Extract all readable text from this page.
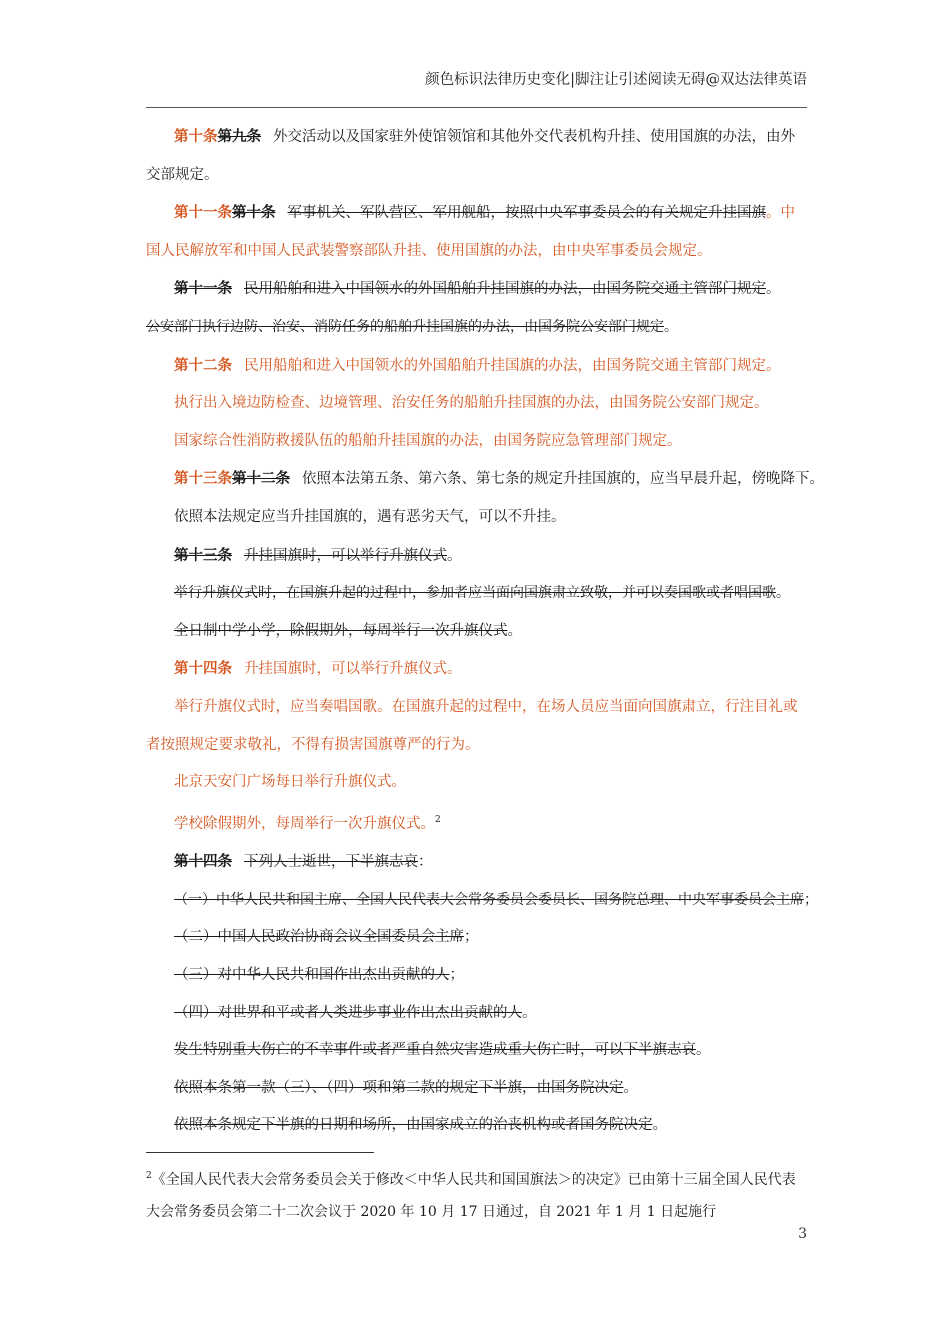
颜色标识法律历史变化|脚注让引述阅读无碍@双达法律英语

第十条第九条 外交活动以及国家驻外使馆领馆和其他外交代表机构升挂、使用国旗的办法，由外交部规定。

第十一条第十条 军事机关、军队营区、军用舰船，按照中央军事委员会的有关规定升挂国旗。中国人民解放军和中国人民武装警察部队升挂、使用国旗的办法，由中央军事委员会规定。

第十一条 民用船舶和进入中国领水的外国船舶升挂国旗的办法，由国务院交通主管部门规定。

公安部门执行边防、治安、消防任务的船舶升挂国旗的办法，由国务院公安部门规定。

第十二条 民用船舶和进入中国领水的外国船舶升挂国旗的办法，由国务院交通主管部门规定。

执行出入境边防检查、边境管理、治安任务的船舶升挂国旗的办法，由国务院公安部门规定。

国家综合性消防救援队伍的船舶升挂国旗的办法，由国务院应急管理部门规定。

第十三条第十二条 依照本法第五条、第六条、第七条的规定升挂国旗的，应当早晨升起，傍晚降下。

依照本法规定应当升挂国旗的，遇有恶劣天气，可以不升挂。

第十三条 升挂国旗时，可以举行升旗仪式。

举行升旗仪式时，在国旗升起的过程中，参加者应当面向国旗肃立致敬，并可以奏国歌或者唱国歌。

全日制中学小学，除假期外，每周举行一次升旗仪式。

第十四条 升挂国旗时，可以举行升旗仪式。

举行升旗仪式时，应当奏唱国歌。在国旗升起的过程中，在场人员应当面向国旗肃立，行注目礼或者按照规定要求敬礼，不得有损害国旗尊严的行为。

北京天安门广场每日举行升旗仪式。

学校除假期外，每周举行一次升旗仪式。$^2$

第十四条 下列人士逝世，下半旗志哀：

（一）中华人民共和国主席、全国人民代表大会常务委员会委员长、国务院总理、中央军事委员会主席；

（二）中国人民政治协商会议全国委员会主席；

（三）对中华人民共和国作出杰出贡献的人；

（四）对世界和平或者人类进步事业作出杰出贡献的人。

发生特别重大伤亡的不幸事件或者严重自然灾害造成重大伤亡时，可以下半旗志哀。

依照本条第一款（三）、（四）项和第二款的规定下半旗，由国务院决定。

依照本条规定下半旗的日期和场所，由国家成立的治丧机构或者国务院决定。

$^2$《全国人民代表大会常务委员会关于修改＜中华人民共和国国旗法＞的决定》已由第十三届全国人民代表大会常务委员会第二十二次会议于 2020 年 10 月 17 日通过，自 2021 年 1 月 1 日起施行
3
